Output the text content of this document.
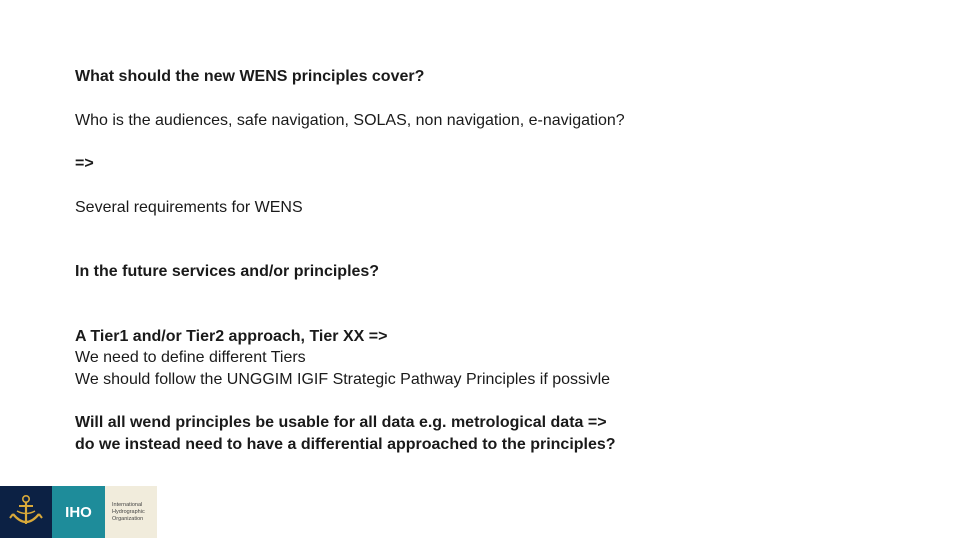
What should the new WENS principles cover?

Who is the audiences, safe navigation, SOLAS, non navigation, e-navigation?

=>

Several requirements for WENS

In the future services and/or principles?

A Tier1 and/or Tier2 approach, Tier XX =>

We need to define different Tiers

We should follow the UNGGIM IGIF Strategic Pathway Principles if possivle

Will all wend principles be usable for all data e.g. metrological data =>

do we instead need to have a differential approached to the principles?

IHO	International
Hydrographic
Organization
